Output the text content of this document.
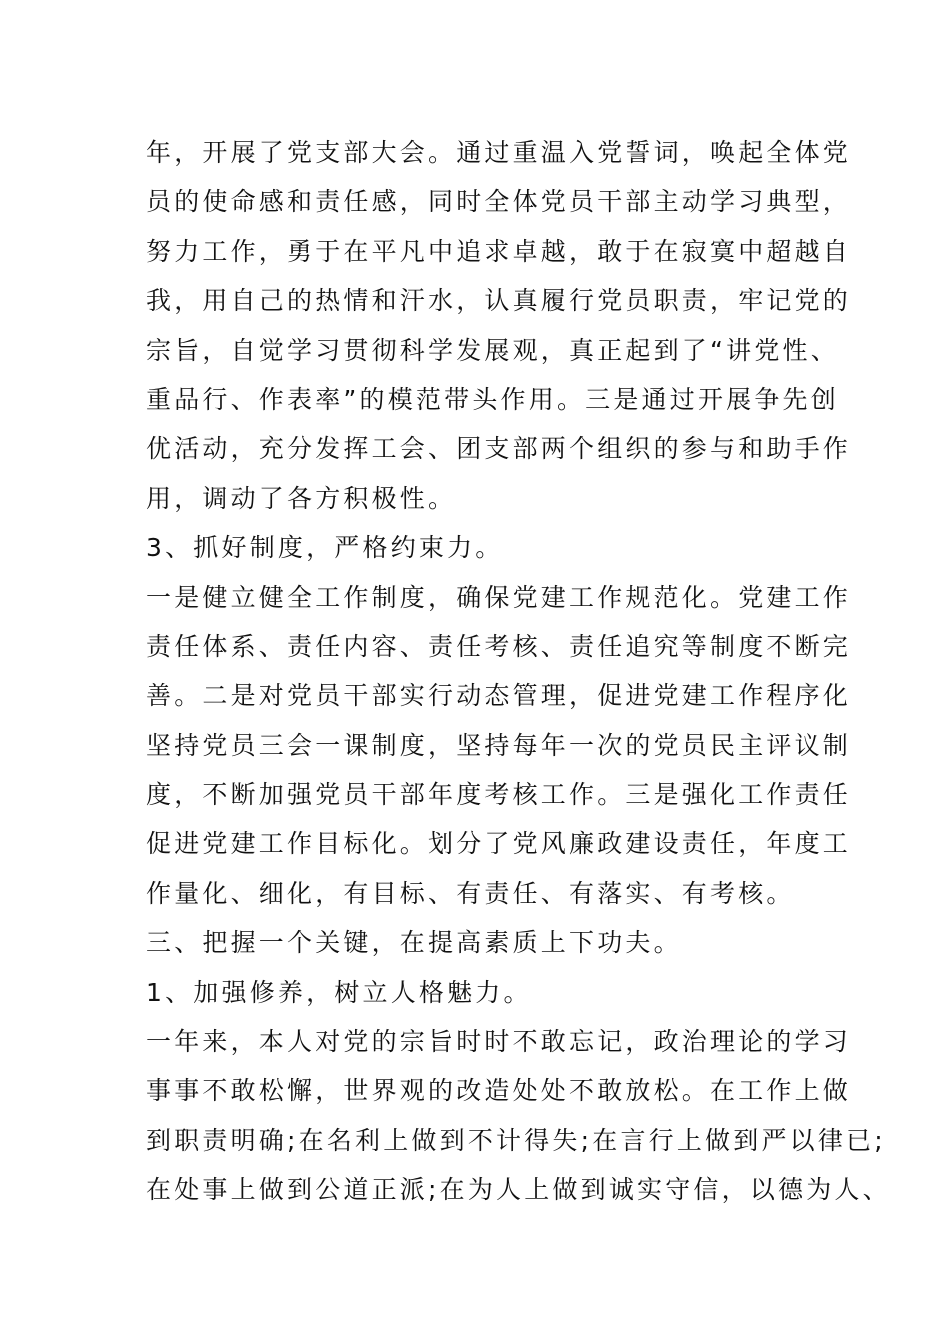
年，开展了党支部大会。通过重温入党誓词，唤起全体党
员的使命感和责任感，同时全体党员干部主动学习典型，
努力工作，勇于在平凡中追求卓越，敢于在寂寞中超越自
我，用自己的热情和汗水，认真履行党员职责，牢记党的
宗旨，自觉学习贯彻科学发展观，真正起到了“讲党性、
重品行、作表率”的模范带头作用。三是通过开展争先创
优活动，充分发挥工会、团支部两个组织的参与和助手作
用，调动了各方积极性。
3、抓好制度，严格约束力。
一是健立健全工作制度，确保党建工作规范化。党建工作
责任体系、责任内容、责任考核、责任追究等制度不断完
善。二是对党员干部实行动态管理，促进党建工作程序化
坚持党员三会一课制度，坚持每年一次的党员民主评议制
度，不断加强党员干部年度考核工作。三是强化工作责任
促进党建工作目标化。划分了党风廉政建设责任，年度工
作量化、细化，有目标、有责任、有落实、有考核。
三、把握一个关键，在提高素质上下功夫。
1、加强修养，树立人格魅力。
一年来，本人对党的宗旨时时不敢忘记，政治理论的学习
事事不敢松懈，世界观的改造处处不敢放松。在工作上做
到职责明确;在名利上做到不计得失;在言行上做到严以律已;
在处事上做到公道正派;在为人上做到诚实守信，以德为人、
